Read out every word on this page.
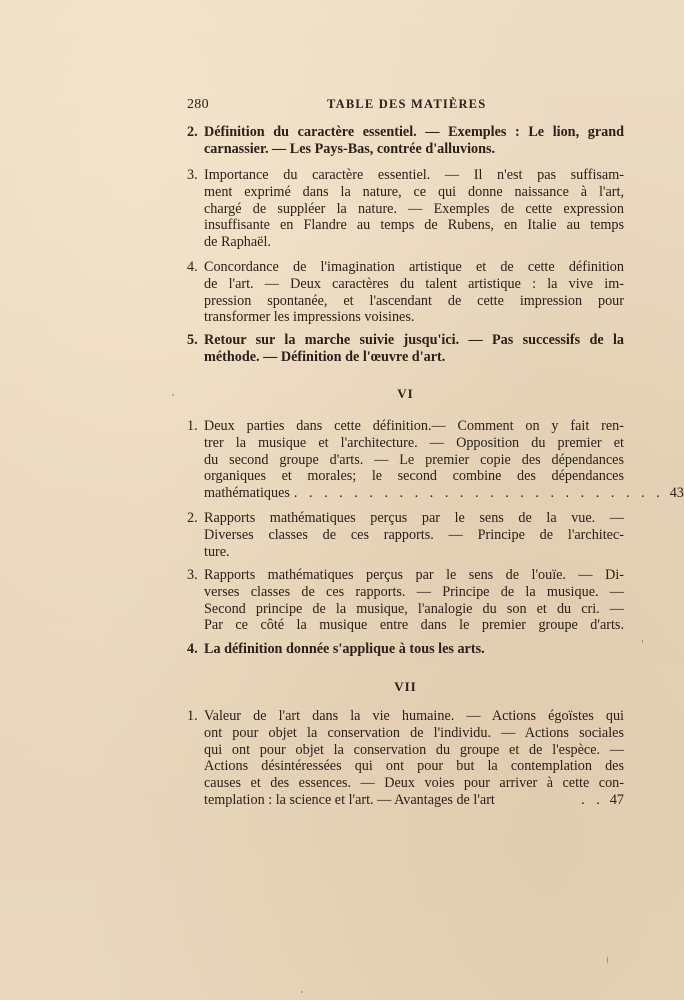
280	TABLE DES MATIÈRES
2. Définition du caractère essentiel. — Exemples : Le lion, grand
carnassier. — Les Pays-Bas, contrée d'alluvions.
3. Importance du caractère essentiel. — Il n'est pas suffisam-
ment exprimé dans la nature, ce qui donne naissance à l'art,
chargé de suppléer la nature. — Exemples de cette expression
insuffisante en Flandre au temps de Rubens, en Italie au temps
de Raphaël.
4. Concordance de l'imagination artistique et de cette définition
de l'art. — Deux caractères du talent artistique : la vive im-
pression spontanée, et l'ascendant de cette impression pour
transformer les impressions voisines.
5. Retour sur la marche suivie jusqu'ici. — Pas successifs de la
méthode. — Définition de l'œuvre d'art.
VI
1. Deux parties dans cette définition.— Comment on y fait ren-
trer la musique et l'architecture. — Opposition du premier et
du second groupe d'arts. — Le premier copie des dépendances
organiques et morales; le second combine des dépendances
mathématiques . . . . . . . . . . . . . . . . . . . . . . . . . 43
2. Rapports mathématiques perçus par le sens de la vue. —
Diverses classes de ces rapports. — Principe de l'architec-
ture.
3. Rapports mathématiques perçus par le sens de l'ouïe. — Di-
verses classes de ces rapports. — Principe de la musique. —
Second principe de la musique, l'analogie du son et du cri. —
Par ce côté la musique entre dans le premier groupe d'arts.
4. La définition donnée s'applique à tous les arts.
VII
1. Valeur de l'art dans la vie humaine. — Actions égoïstes qui
ont pour objet la conservation de l'individu. — Actions sociales
qui ont pour objet la conservation du groupe et de l'espèce. —
Actions désintéressées qui ont pour but la contemplation des
causes et des essences. — Deux voies pour arriver à cette con-
templation : la science et l'art. — Avantages de l'art	. . 47
